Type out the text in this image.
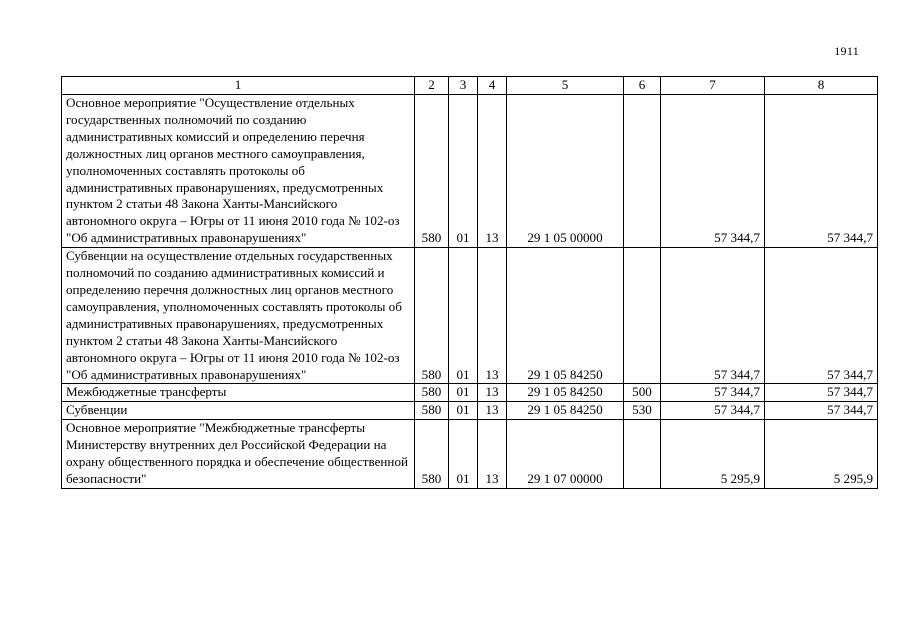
1911
1	2	3	4	5	6	7	8
Основное мероприятие "Осуществление отдельных государственных полномочий по созданию административных комиссий и определению перечня должностных лиц органов местного самоуправления, уполномоченных составлять протоколы об административных правонарушениях, предусмотренных пунктом 2 статьи 48 Закона Ханты-Мансийского автономного округа – Югры от 11 июня 2010 года № 102-оз "Об административных правонарушениях"	580	01	13	29 1 05 00000		57 344,7	57 344,7
Субвенции на осуществление отдельных государственных полномочий по созданию административных комиссий и определению перечня должностных лиц органов местного самоуправления, уполномоченных составлять протоколы об административных правонарушениях, предусмотренных пунктом 2 статьи 48 Закона Ханты-Мансийского автономного округа – Югры от 11 июня 2010 года № 102-оз "Об административных правонарушениях"	580	01	13	29 1 05 84250		57 344,7	57 344,7
Межбюджетные трансферты	580	01	13	29 1 05 84250	500	57 344,7	57 344,7
Субвенции	580	01	13	29 1 05 84250	530	57 344,7	57 344,7
Основное мероприятие "Межбюджетные трансферты Министерству внутренних дел Российской Федерации на охрану общественного порядка и обеспечение общественной безопасности"	580	01	13	29 1 07 00000		5 295,9	5 295,9
